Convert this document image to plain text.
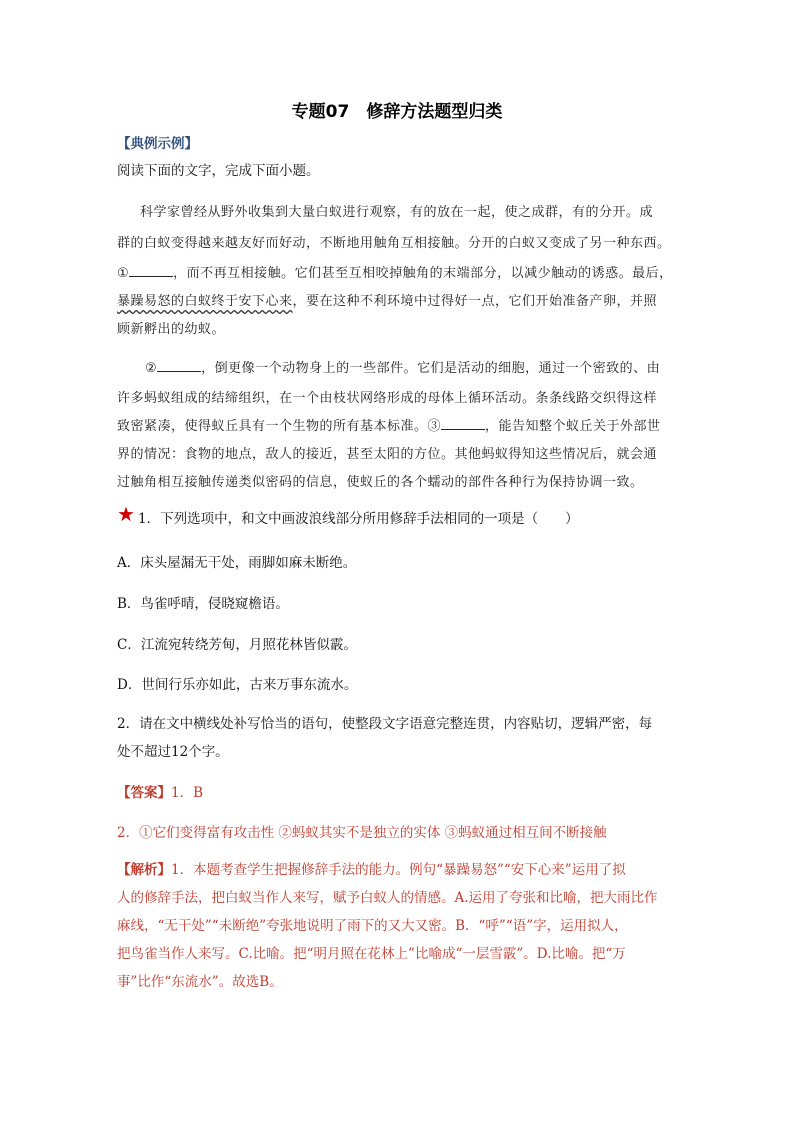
专题07　修辞方法题型归类
【典例示例】
阅读下面的文字，完成下面小题。
科学家曾经从野外收集到大量白蚁进行观察，有的放在一起，使之成群，有的分开。成
群的白蚁变得越来越友好而好动，不断地用触角互相接触。分开的白蚁又变成了另一种东西。
①	，而不再互相接触。它们甚至互相咬掉触角的末端部分，以减少触动的诱惑。最后，
暴躁易怒的白蚁终于安下心来，要在这种不利环境中过得好一点，它们开始准备产卵，并照
顾新孵出的幼蚁。
②	，倒更像一个动物身上的一些部件。它们是活动的细胞，通过一个密致的、由
许多蚂蚁组成的结缔组织，在一个由枝状网络形成的母体上循环活动。条条线路交织得这样
致密紧凑，使得蚁丘具有一个生物的所有基本标准。③	，能告知整个蚁丘关于外部世
界的情况：食物的地点，敌人的接近，甚至太阳的方位。其他蚂蚁得知这些情况后，就会通
过触角相互接触传递类似密码的信息，使蚁丘的各个蠕动的部件各种行为保持协调一致。
★ 1．下列选项中，和文中画波浪线部分所用修辞手法相同的一项是（　　）
A．床头屋漏无干处，雨脚如麻未断绝。
B．鸟雀呼晴，侵晓窥檐语。
C．江流宛转绕芳甸，月照花林皆似霰。
D．世间行乐亦如此，古来万事东流水。
2．请在文中横线处补写恰当的语句，使整段文字语意完整连贯，内容贴切，逻辑严密，每
处不超过12个字。
【答案】1．B
2．①它们变得富有攻击性 ②蚂蚁其实不是独立的实体 ③蚂蚁通过相互间不断接触
【解析】1．本题考查学生把握修辞手法的能力。例句“暴躁易怒”“安下心来”运用了拟
人的修辞手法，把白蚁当作人来写，赋予白蚁人的情感。A.运用了夸张和比喻，把大雨比作
麻线，“无干处”“未断绝”夸张地说明了雨下的又大又密。B．“呼”“语”字，运用拟人，
把鸟雀当作人来写。C.比喻。把“明月照在花林上”比喻成“一层雪霰”。D.比喻。把“万
事”比作“东流水”。故选B。
